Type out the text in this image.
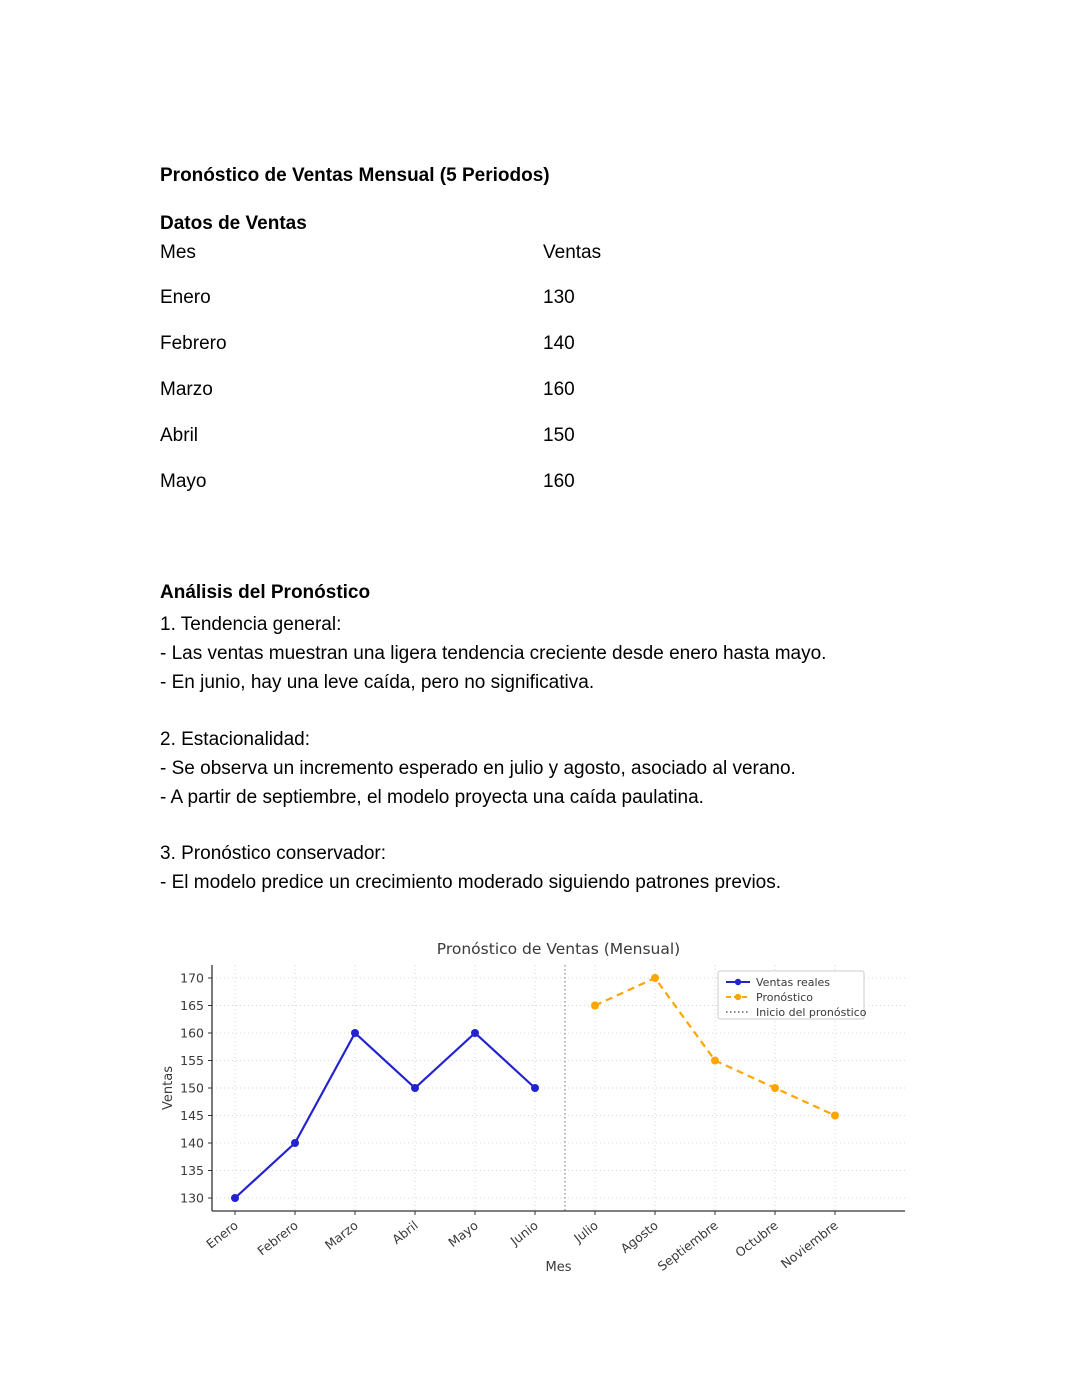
Pronóstico de Ventas Mensual (5 Periodos)
Datos de Ventas
Mes	Ventas
Enero	130
Febrero	140
Marzo	160
Abril	150
Mayo	160
Análisis del Pronóstico
1. Tendencia general:
- Las ventas muestran una ligera tendencia creciente desde enero hasta mayo.
- En junio, hay una leve caída, pero no significativa.
2. Estacionalidad:
- Se observa un incremento esperado en julio y agosto, asociado al verano.
- A partir de septiembre, el modelo proyecta una caída paulatina.
3. Pronóstico conservador:
- El modelo predice un crecimiento moderado siguiendo patrones previos.
Enero Febrero Marzo Abril Mayo Junio Julio Agosto
Septiembre Octubre
Noviembre
130
135
140
145
150
155
160
165
170
Pronóstico de Ventas (Mensual)
Mes
Ventas
Ventas reales
Pronóstico
Inicio del pronóstico
